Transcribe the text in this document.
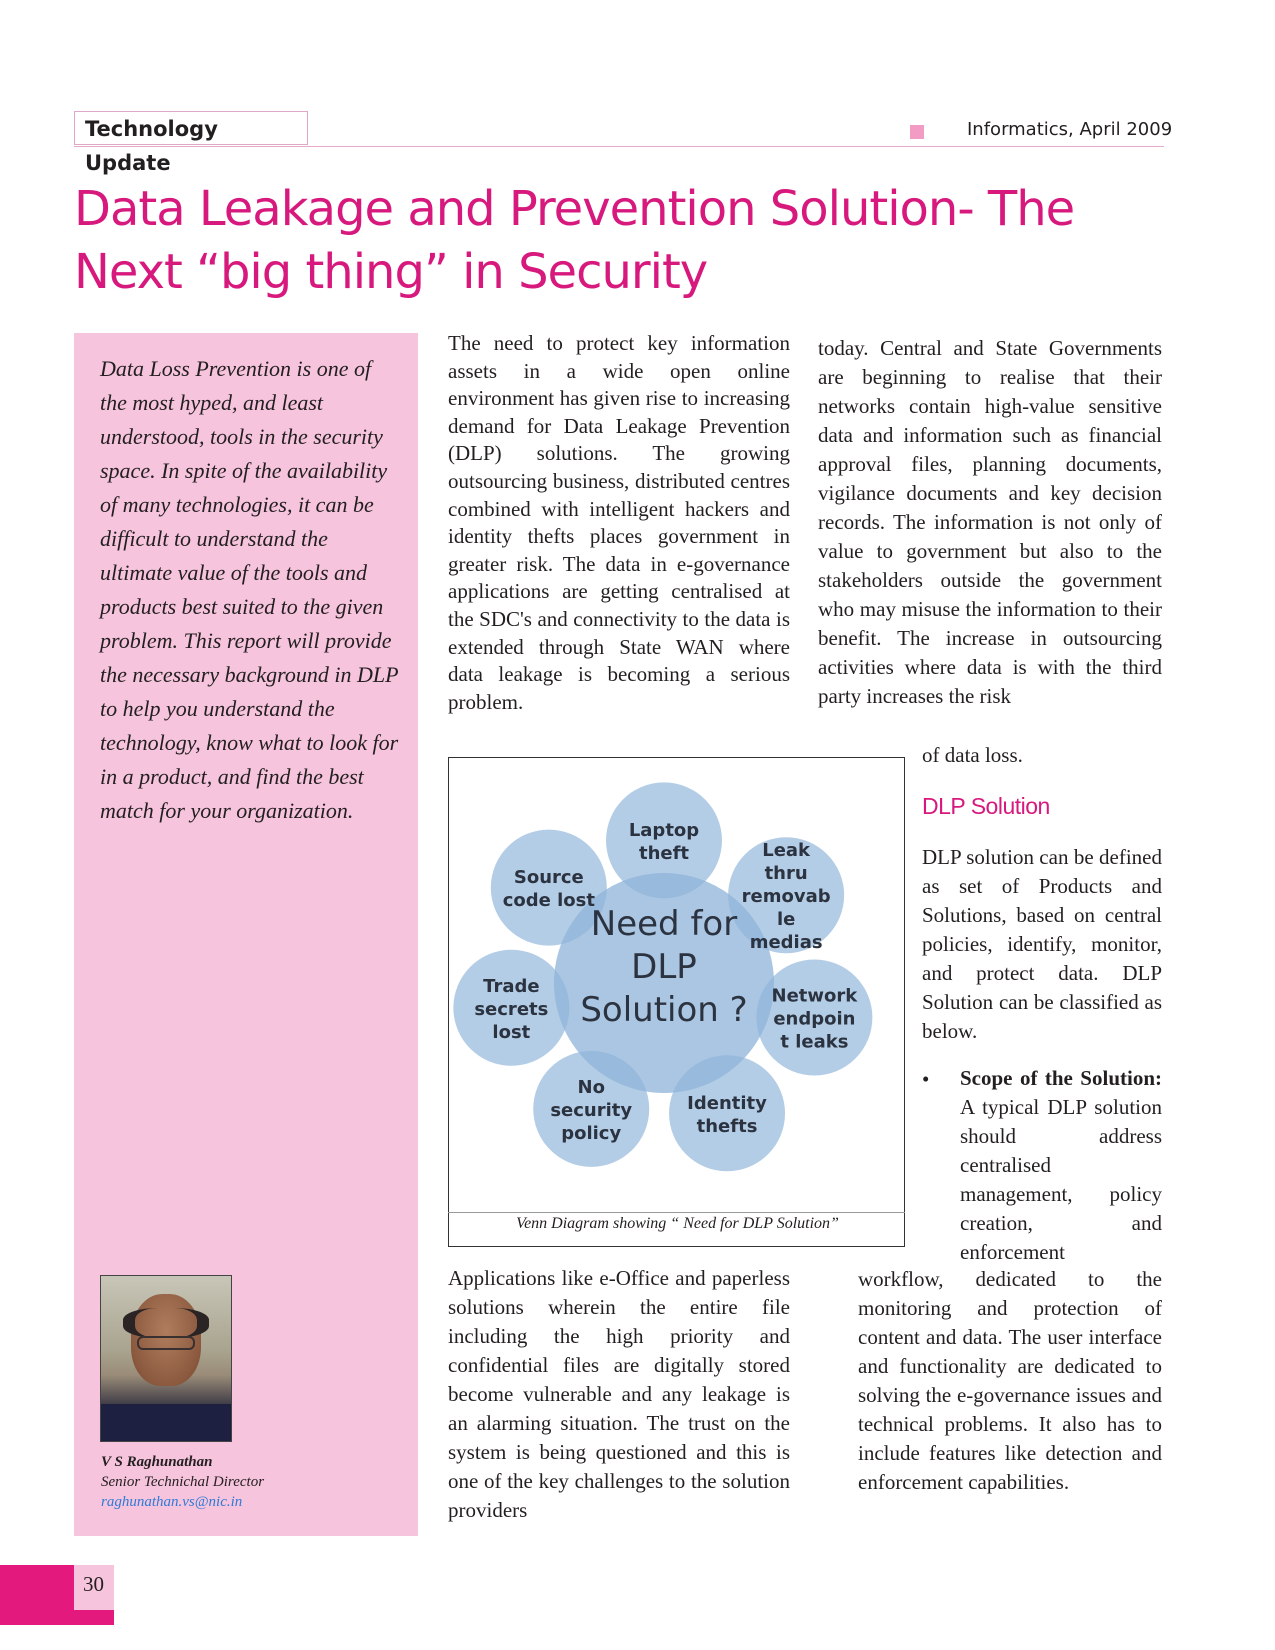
Technology Update
Informatics, April 2009
Data Leakage and Prevention Solution- The Next “big thing” in Security

Data Loss Prevention is one of the most hyped, and least understood, tools in the security space. In spite of the availability of many technologies, it can be difficult to understand the ultimate value of the tools and products best suited to the given problem. This report will provide the necessary background in DLP to help you understand the technology, know what to look for in a product, and find the best match for your organization.

V S Raghunathan
Senior Technichal Director
raghunathan.vs@nic.in

The need to protect key information assets in a wide open online environment has given rise to increasing demand for Data Leakage Prevention (DLP) solutions. The growing outsourcing business, distributed centres combined with intelligent hackers and identity thefts places government in greater risk. The data in e-governance applications are getting centralised at the SDC's and connectivity to the data is extended through State WAN where data leakage is becoming a serious problem.

today. Central and State Governments are beginning to realise that their networks contain high-value sensitive data and information such as financial approval files, planning documents, vigilance documents and key decision records. The information is not only of value to government but also to the stakeholders outside the government who may misuse the information to their benefit. The increase in outsourcing activities where data is with the third party increases the risk

of data loss.
Need for
DLP
Solution ?
Laptop
theft	Leak
thru
removab
le
medias
Network
endpoin
t leaks
Identity
thefts
No
security
policy
Trade
secrets
lost
Source
code lost
Venn Diagram showing “ Need for DLP Solution”
DLP Solution

DLP solution can be defined as set of Products and Solutions, based on central policies, identify, monitor, and protect data. DLP Solution can be classified as below.

• Scope of the Solution: A typical DLP solution should address centralised management, policy creation, and enforcement

workflow, dedicated to the monitoring and protection of content and data. The user interface and functionality are dedicated to solving the e-governance issues and technical problems. It also has to include features like detection and enforcement capabilities.

Applications like e-Office and paperless solutions wherein the entire file including the high priority and confidential files are digitally stored become vulnerable and any leakage is an alarming situation. The trust on the system is being questioned and this is one of the key challenges to the solution providers

30
